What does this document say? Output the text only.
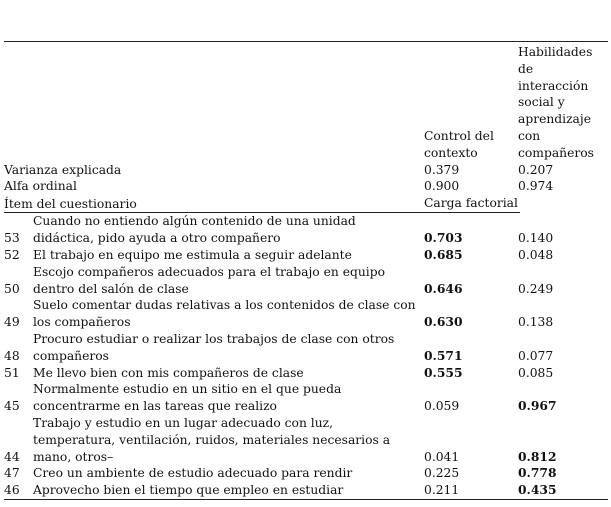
		Control del contexto	Habilidades de interacción social y aprendizaje con compañeros

Varianza explicada		0.379	0.207
Alfa ordinal		0.900	0.974
Ítem del cuestionario		Carga factorial	
53	Cuando no entiendo algún contenido de una unidad didáctica, pido ayuda a otro compañero	0.703	0.140
52	El trabajo en equipo me estimula a seguir adelante	0.685	0.048
50	Escojo compañeros adecuados para el trabajo en equipo dentro del salón de clase	0.646	0.249
49	Suelo comentar dudas relativas a los contenidos de clase con los compañeros	0.630	0.138
48	Procuro estudiar o realizar los trabajos de clase con otros compañeros	0.571	0.077
51	Me llevo bien con mis compañeros de clase	0.555	0.085
45	Normalmente estudio en un sitio en el que pueda concentrarme en las tareas que realizo	0.059	0.967
44	Trabajo y estudio en un lugar adecuado con luz, temperatura, ventilación, ruidos, materiales necesarios a mano, otros–	0.041	0.812
47	Creo un ambiente de estudio adecuado para rendir	0.225	0.778
46	Aprovecho bien el tiempo que empleo en estudiar	0.211	0.435
